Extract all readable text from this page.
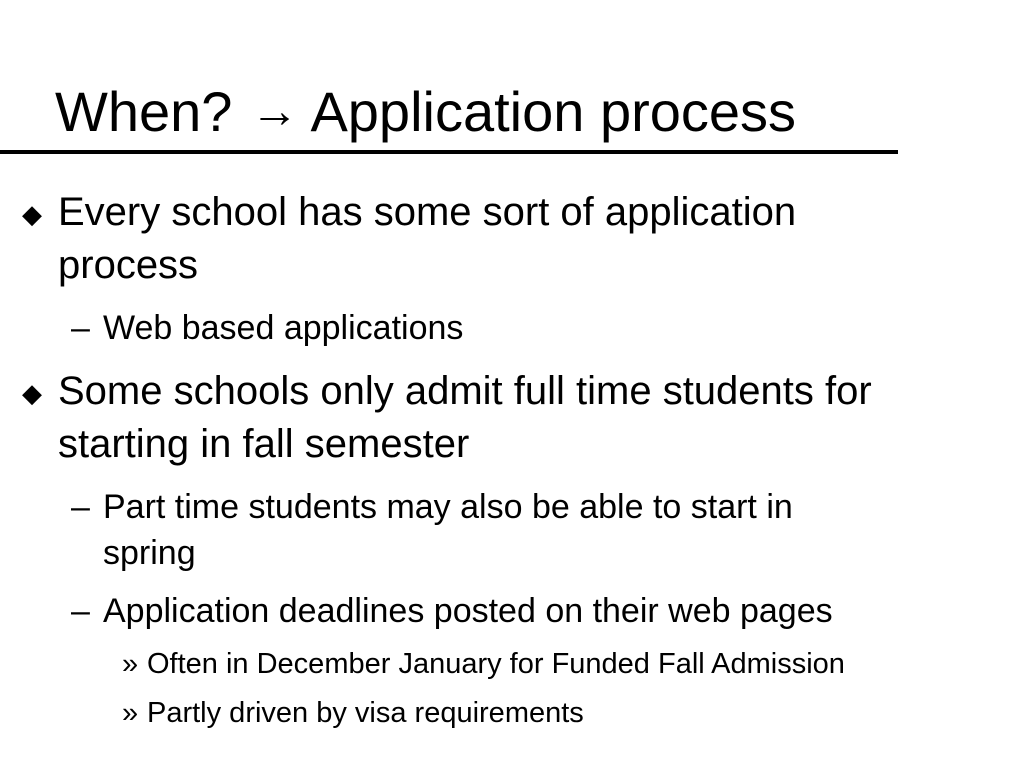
When? → Application process
◆ Every school has some sort of application
process
– Web based applications
◆ Some schools only admit full time students for
starting in fall semester
– Part time students may also be able to start in
spring
– Application deadlines posted on their web pages
» Often in December January for Funded Fall Admission
» Partly driven by visa requirements
